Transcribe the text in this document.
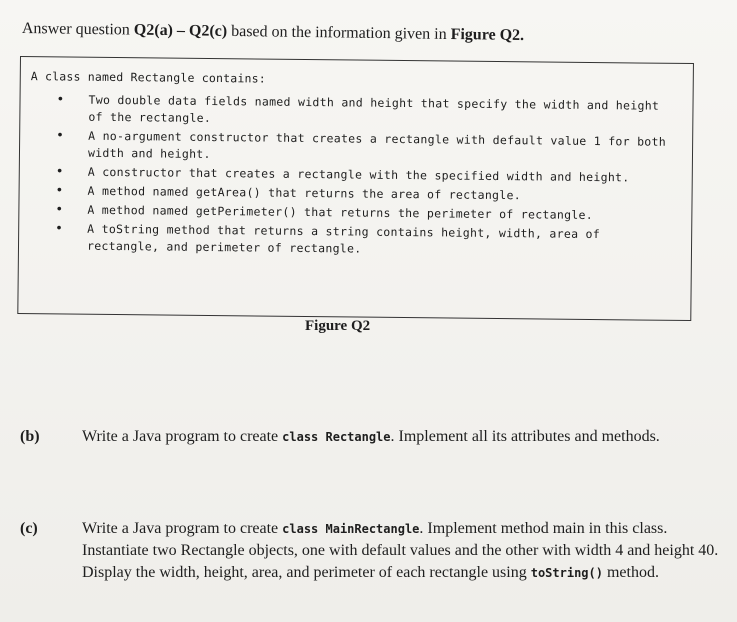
Answer question Q2(a) – Q2(c) based on the information given in Figure Q2.
A class named Rectangle contains:
• Two double data fields named width and height that specify the width and height of the rectangle.
• A no-argument constructor that creates a rectangle with default value 1 for both width and height.
• A constructor that creates a rectangle with the specified width and height.
• A method named getArea() that returns the area of rectangle.
• A method named getPerimeter() that returns the perimeter of rectangle.
• A toString method that returns a string contains height, width, area of rectangle, and perimeter of rectangle.
Figure Q2
(b)	Write a Java program to create class Rectangle. Implement all its attributes and methods.
(c)	Write a Java program to create class MainRectangle. Implement method main in this class. Instantiate two Rectangle objects, one with default values and the other with width 4 and height 40. Display the width, height, area, and perimeter of each rectangle using toString() method.
